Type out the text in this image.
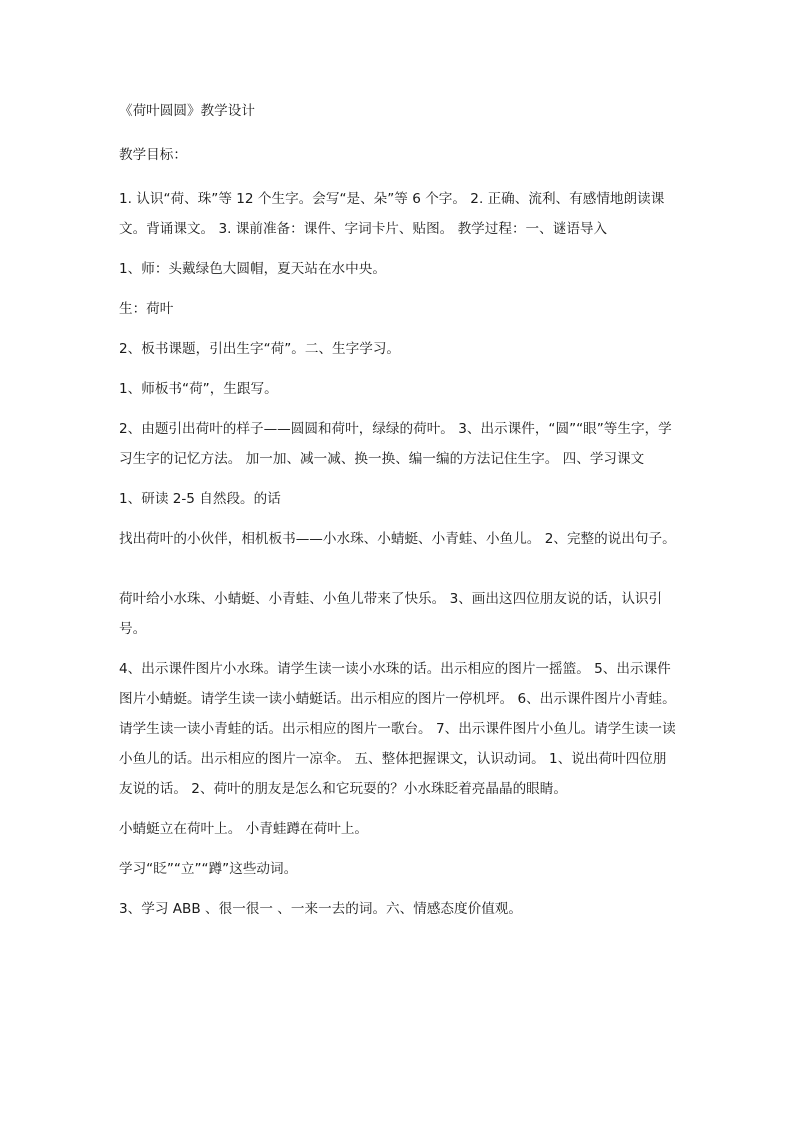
《荷叶圆圆》教学设计

教学目标：

1. 认识“荷、珠”等 12 个生字。会写“是、朵”等 6 个字。 2. 正确、流利、有感情地朗读课文。背诵课文。 3. 课前准备：课件、字词卡片、贴图。 教学过程：一、谜语导入

1、师：头戴绿色大圆帽，夏天站在水中央。

生：荷叶

2、板书课题，引出生字“荷”。二、生字学习。

1、师板书“荷”，生跟写。

2、由题引出荷叶的样子——圆圆和荷叶，绿绿的荷叶。 3、出示课件，“圆”“眼”等生字，学习生字的记忆方法。 加一加、减一减、换一换、编一编的方法记住生字。 四、学习课文

1、研读 2-5 自然段。的话

找出荷叶的小伙伴，相机板书——小水珠、小蜻蜓、小青蛙、小鱼儿。 2、完整的说出句子。

荷叶给小水珠、小蜻蜓、小青蛙、小鱼儿带来了快乐。 3、画出这四位朋友说的话，认识引号。

4、出示课件图片小水珠。请学生读一读小水珠的话。出示相应的图片一摇篮。 5、出示课件图片小蜻蜓。请学生读一读小蜻蜓话。出示相应的图片一停机坪。 6、出示课件图片小青蛙。请学生读一读小青蛙的话。出示相应的图片一歌台。 7、出示课件图片小鱼儿。请学生读一读小鱼儿的话。出示相应的图片一凉伞。 五、整体把握课文，认识动词。 1、说出荷叶四位朋友说的话。 2、荷叶的朋友是怎么和它玩耍的？小水珠眨着亮晶晶的眼睛。

小蜻蜓立在荷叶上。 小青蛙蹲在荷叶上。

学习“眨”“立”“蹲”这些动词。

3、学习 ABB 、很一很一 、一来一去的词。六、情感态度价值观。
